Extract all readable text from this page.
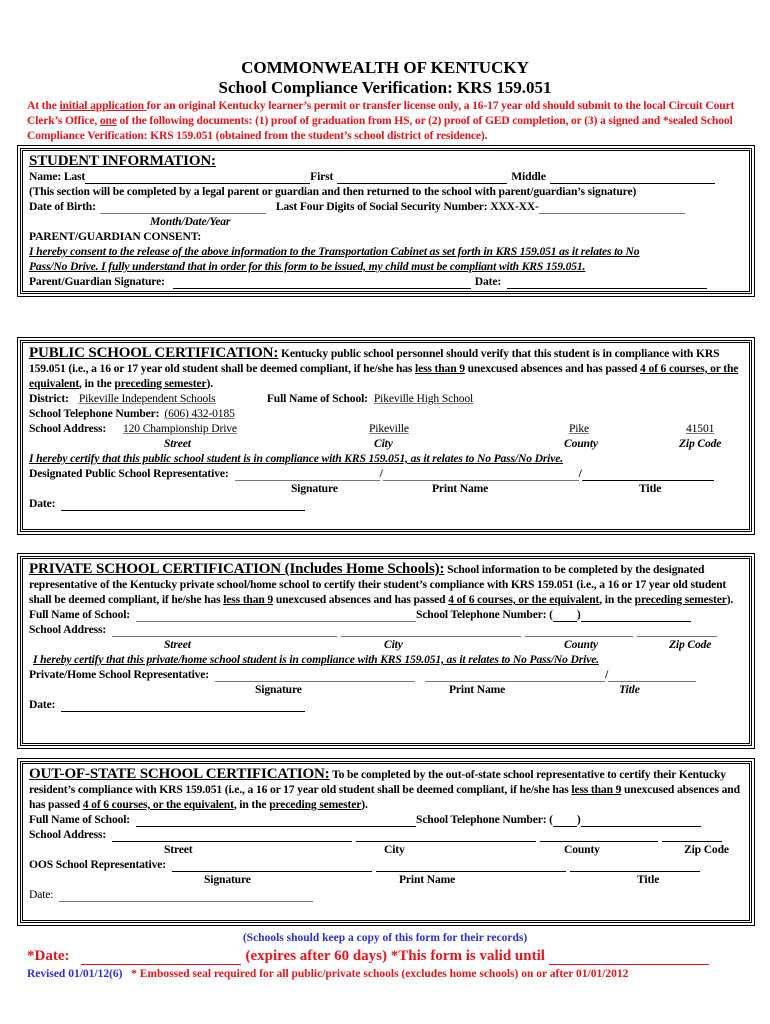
COMMONWEALTH OF KENTUCKY
School Compliance Verification: KRS 159.051
At the initial application for an original Kentucky learner’s permit or transfer license only, a 16-17 year old should submit to the local Circuit Court Clerk’s Office, one of the following documents: (1) proof of graduation from HS, or (2) proof of GED completion, or (3) a signed and *sealed School Compliance Verification: KRS 159.051 (obtained from the student’s school district of residence).
STUDENT INFORMATION:
Name: Last	First	Middle
(This section will be completed by a legal parent or guardian and then returned to the school with parent/guardian’s signature)
Date of Birth:	Last Four Digits of Social Security Number: XXX-XX-
Month/Date/Year
PARENT/GUARDIAN CONSENT:
I hereby consent to the release of the above information to the Transportation Cabinet as set forth in KRS 159.051 as it relates to No
Pass/No Drive. I fully understand that in order for this form to be issued, my child must be compliant with KRS 159.051.
Parent/Guardian Signature:	Date:
PUBLIC SCHOOL CERTIFICATION: Kentucky public school personnel should verify that this student is in compliance with KRS 159.051 (i.e., a 16 or 17 year old student shall be deemed compliant, if he/she has less than 9 unexcused absences and has passed 4 of 6 courses, or the equivalent, in the preceding semester).
District: Pikeville Independent Schools	Full Name of School: Pikeville High School
School Telephone Number: (606) 432-0185
School Address: 120 Championship Drive	Pikeville	Pike	41501
Street	City	County	Zip Code
I hereby certify that this public school student is in compliance with KRS 159.051, as it relates to No Pass/No Drive.
Designated Public School Representative:	/	/
Signature	Print Name	Title
Date:
PRIVATE SCHOOL CERTIFICATION (Includes Home Schools): School information to be completed by the designated representative of the Kentucky private school/home school to certify their student’s compliance with KRS 159.051 (i.e., a 16 or 17 year old student shall be deemed compliant, if he/she has less than 9 unexcused absences and has passed 4 of 6 courses, or the equivalent, in the preceding semester).
Full Name of School:	School Telephone Number: ( )
School Address:
Street	City	County	Zip Code
I hereby certify that this private/home school student is in compliance with KRS 159.051, as it relates to No Pass/No Drive.
Private/Home School Representative:	/
Signature	Print Name	Title
Date:
OUT-OF-STATE SCHOOL CERTIFICATION: To be completed by the out-of-state school representative to certify their Kentucky resident’s compliance with KRS 159.051 (i.e., a 16 or 17 year old student shall be deemed compliant, if he/she has less than 9 unexcused absences and has passed 4 of 6 courses, or the equivalent, in the preceding semester).
Full Name of School:	School Telephone Number: ( )
School Address:
Street	City	County	Zip Code
OOS School Representative:
Signature	Print Name	Title
Date:
(Schools should keep a copy of this form for their records)
*Date:	(expires after 60 days) *This form is valid until
Revised 01/01/12(6) * Embossed seal required for all public/private schools (excludes home schools) on or after 01/01/2012
